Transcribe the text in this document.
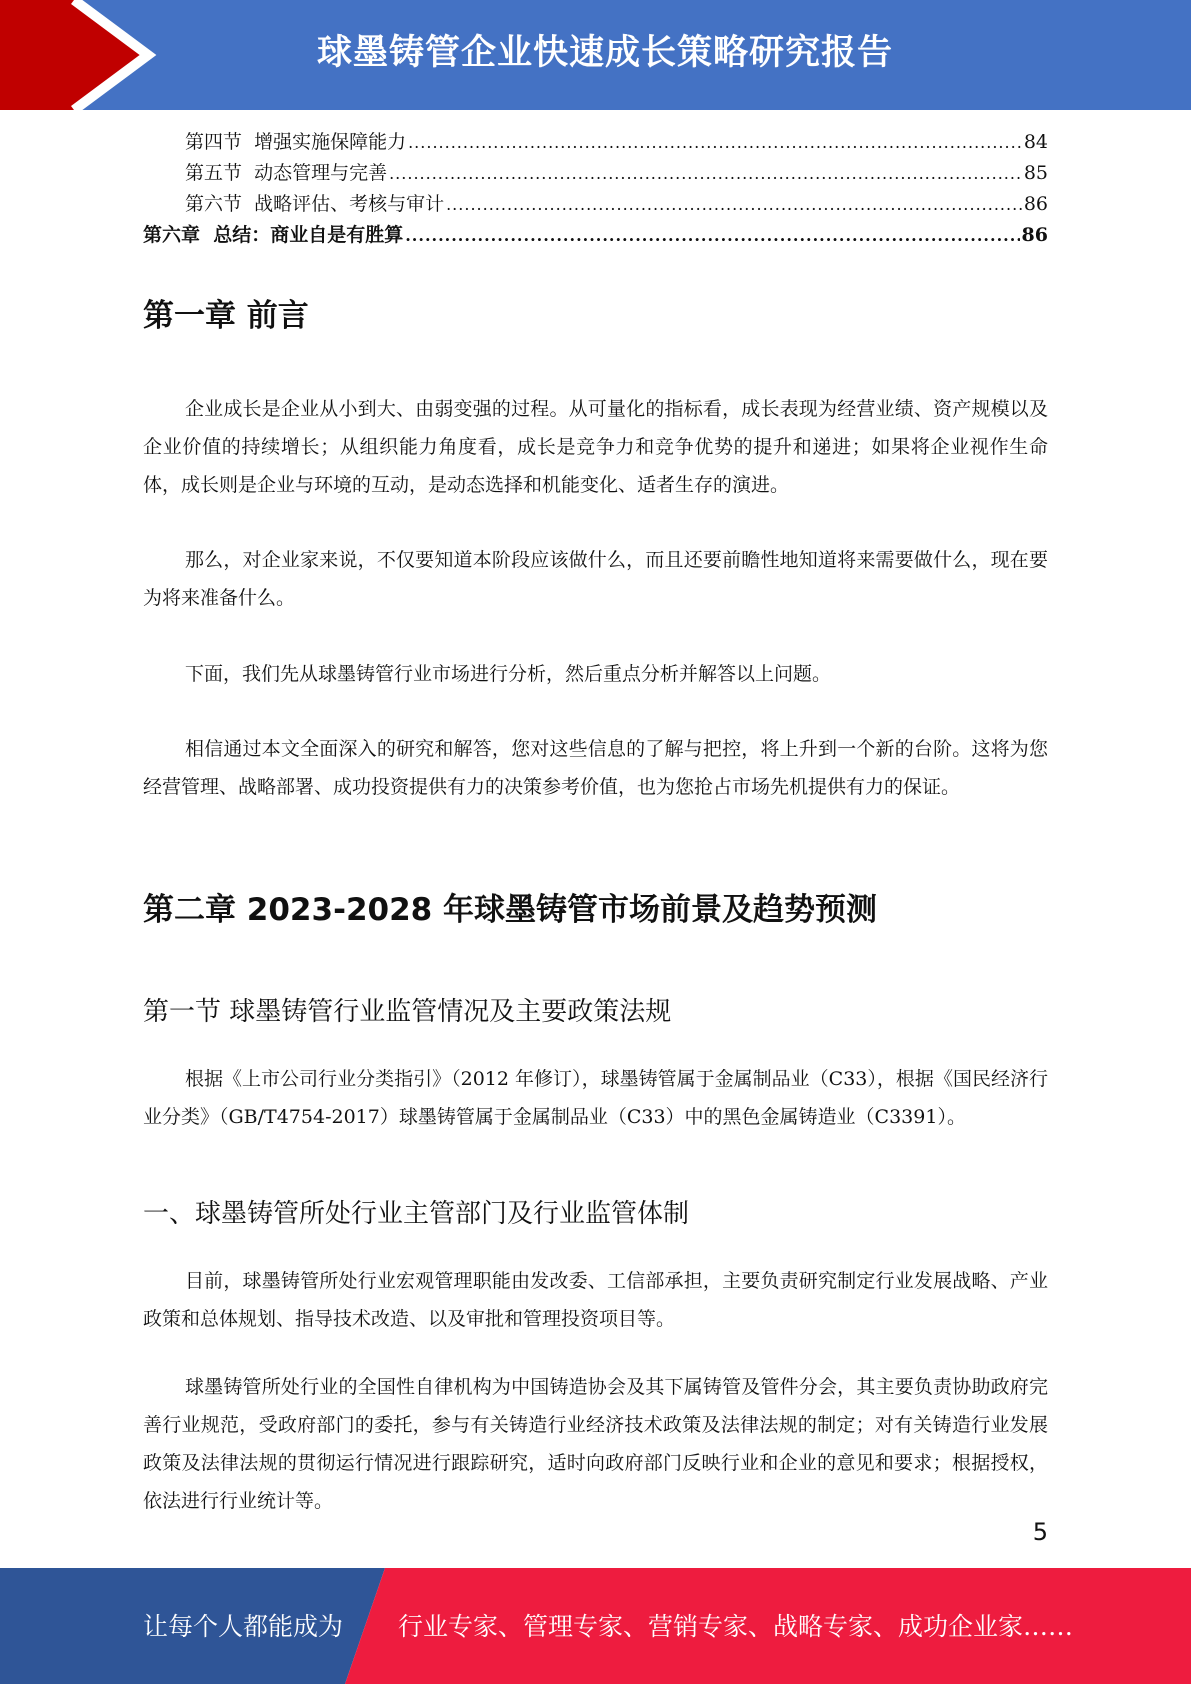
球墨铸管企业快速成长策略研究报告
第四节  增强实施保障能力 .....	84
第五节  动态管理与完善 .....	85
第六节  战略评估、考核与审计 .....	86
第六章  总结：商业自是有胜算 .....	86
第一章 前言

企业成长是企业从小到大、由弱变强的过程。从可量化的指标看，成长表现为经营业绩、资产规模以及企业价值的持续增长；从组织能力角度看，成长是竞争力和竞争优势的提升和递进；如果将企业视作生命体，成长则是企业与环境的互动，是动态选择和机能变化、适者生存的演进。

那么，对企业家来说，不仅要知道本阶段应该做什么，而且还要前瞻性地知道将来需要做什么，现在要为将来准备什么。

下面，我们先从球墨铸管行业市场进行分析，然后重点分析并解答以上问题。

相信通过本文全面深入的研究和解答，您对这些信息的了解与把控，将上升到一个新的台阶。这将为您经营管理、战略部署、成功投资提供有力的决策参考价值，也为您抢占市场先机提供有力的保证。

第二章 2023-2028 年球墨铸管市场前景及趋势预测
第一节 球墨铸管行业监管情况及主要政策法规

根据《上市公司行业分类指引》（2012 年修订），球墨铸管属于金属制品业（C33），根据《国民经济行业分类》（GB/T4754-2017）球墨铸管属于金属制品业（C33）中的黑色金属铸造业（C3391）。

一、球墨铸管所处行业主管部门及行业监管体制

目前，球墨铸管所处行业宏观管理职能由发改委、工信部承担，主要负责研究制定行业发展战略、产业政策和总体规划、指导技术改造、以及审批和管理投资项目等。

球墨铸管所处行业的全国性自律机构为中国铸造协会及其下属铸管及管件分会，其主要负责协助政府完善行业规范，受政府部门的委托，参与有关铸造行业经济技术政策及法律法规的制定；对有关铸造行业发展政策及法律法规的贯彻运行情况进行跟踪研究，适时向政府部门反映行业和企业的意见和要求；根据授权，依法进行行业统计等。

5
让每个人都能成为 行业专家、管理专家、营销专家、战略专家、成功企业家……
